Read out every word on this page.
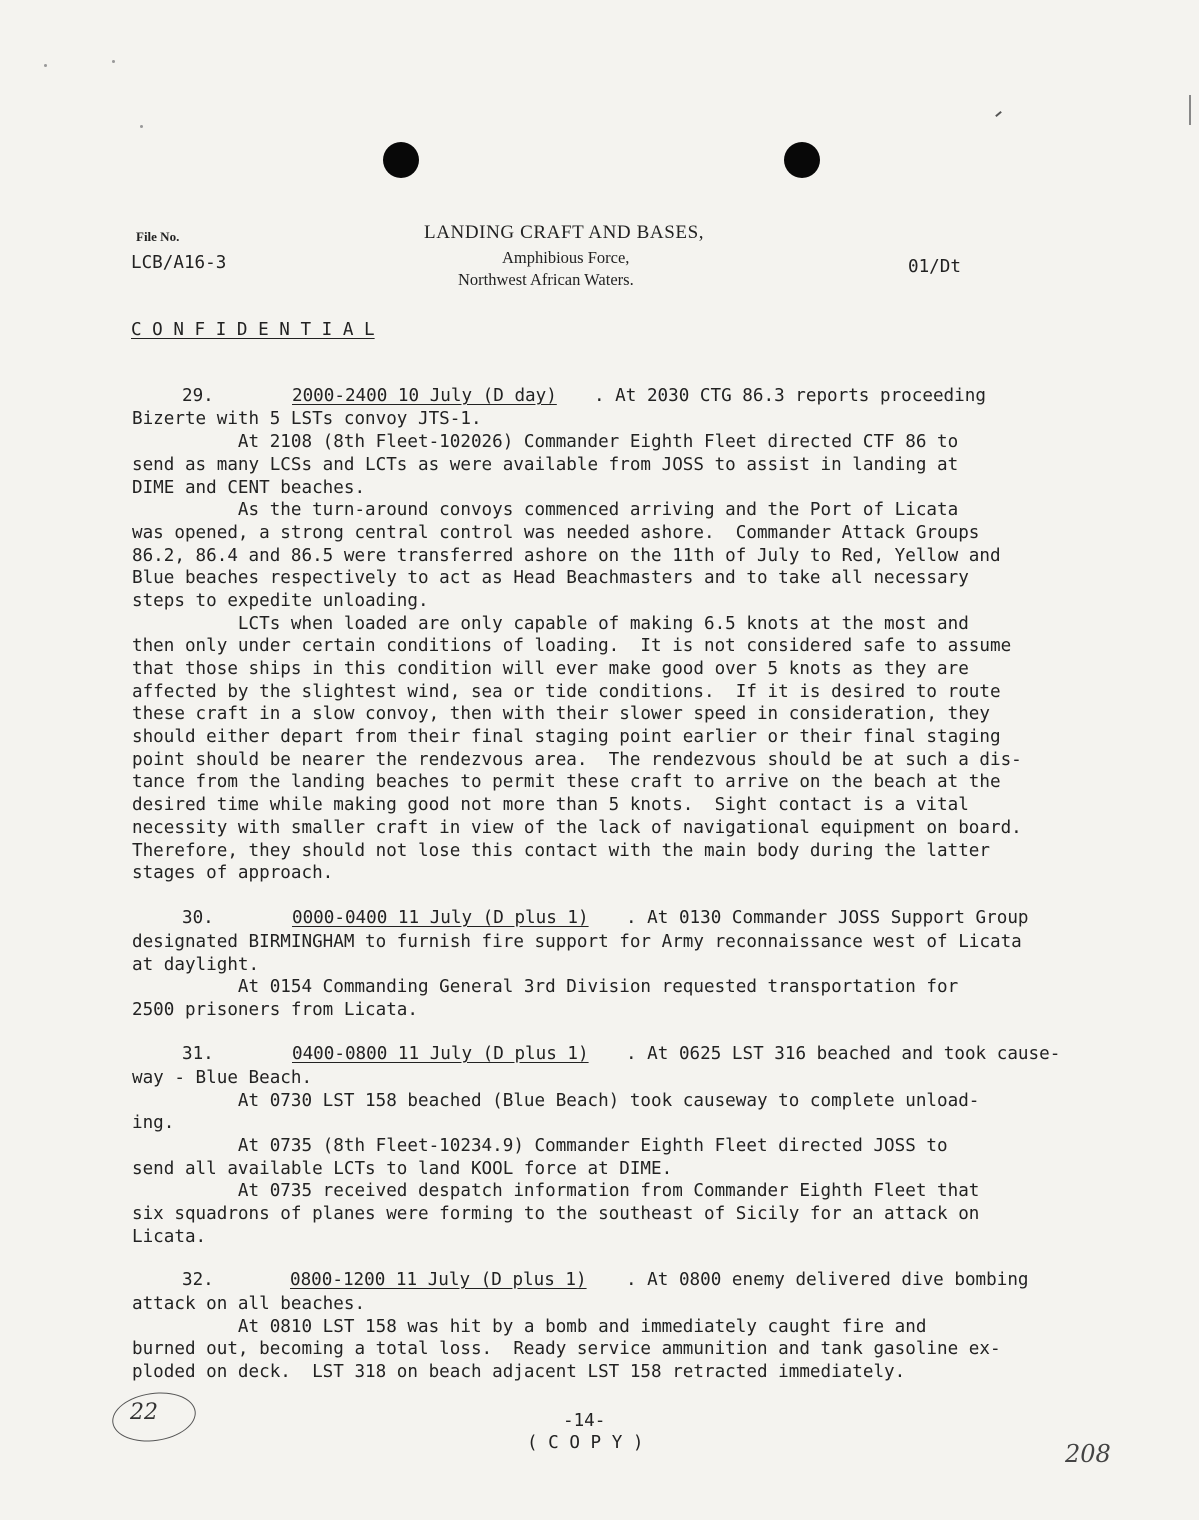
File No.
LCB/A16-3
LANDING CRAFT AND BASES,
Amphibious Force,
Northwest African Waters.
01/Dt
C O N F I D E N T I A L
29.	2000-2400 10 July (D day) . At 2030 CTG 86.3 reports proceeding
Bizerte with 5 LSTs convoy JTS-1.
At 2108 (8th Fleet-102026) Commander Eighth Fleet directed CTF 86 to
send as many LCSs and LCTs as were available from JOSS to assist in landing at
DIME and CENT beaches.
As the turn-around convoys commenced arriving and the Port of Licata
was opened, a strong central control was needed ashore.  Commander Attack Groups
86.2, 86.4 and 86.5 were transferred ashore on the 11th of July to Red, Yellow and
Blue beaches respectively to act as Head Beachmasters and to take all necessary
steps to expedite unloading.
LCTs when loaded are only capable of making 6.5 knots at the most and
then only under certain conditions of loading.  It is not considered safe to assume
that those ships in this condition will ever make good over 5 knots as they are
affected by the slightest wind, sea or tide conditions.  If it is desired to route
these craft in a slow convoy, then with their slower speed in consideration, they
should either depart from their final staging point earlier or their final staging
point should be nearer the rendezvous area.  The rendezvous should be at such a dis-
tance from the landing beaches to permit these craft to arrive on the beach at the
desired time while making good not more than 5 knots.  Sight contact is a vital
necessity with smaller craft in view of the lack of navigational equipment on board.
Therefore, they should not lose this contact with the main body during the latter
stages of approach.
30.	0000-0400 11 July (D plus 1) . At 0130 Commander JOSS Support Group
designated BIRMINGHAM to furnish fire support for Army reconnaissance west of Licata
at daylight.
At 0154 Commanding General 3rd Division requested transportation for
2500 prisoners from Licata.
31.	0400-0800 11 July (D plus 1) . At 0625 LST 316 beached and took cause-
way - Blue Beach.
At 0730 LST 158 beached (Blue Beach) took causeway to complete unload-
ing.
At 0735 (8th Fleet-10234.9) Commander Eighth Fleet directed JOSS to
send all available LCTs to land KOOL force at DIME.
At 0735 received despatch information from Commander Eighth Fleet that
six squadrons of planes were forming to the southeast of Sicily for an attack on
Licata.
32.	0800-1200 11 July (D plus 1) . At 0800 enemy delivered dive bombing
attack on all beaches.
At 0810 LST 158 was hit by a bomb and immediately caught fire and
burned out, becoming a total loss.  Ready service ammunition and tank gasoline ex-
ploded on deck.  LST 318 on beach adjacent LST 158 retracted immediately.
22	-14-
( C O P Y )	208
